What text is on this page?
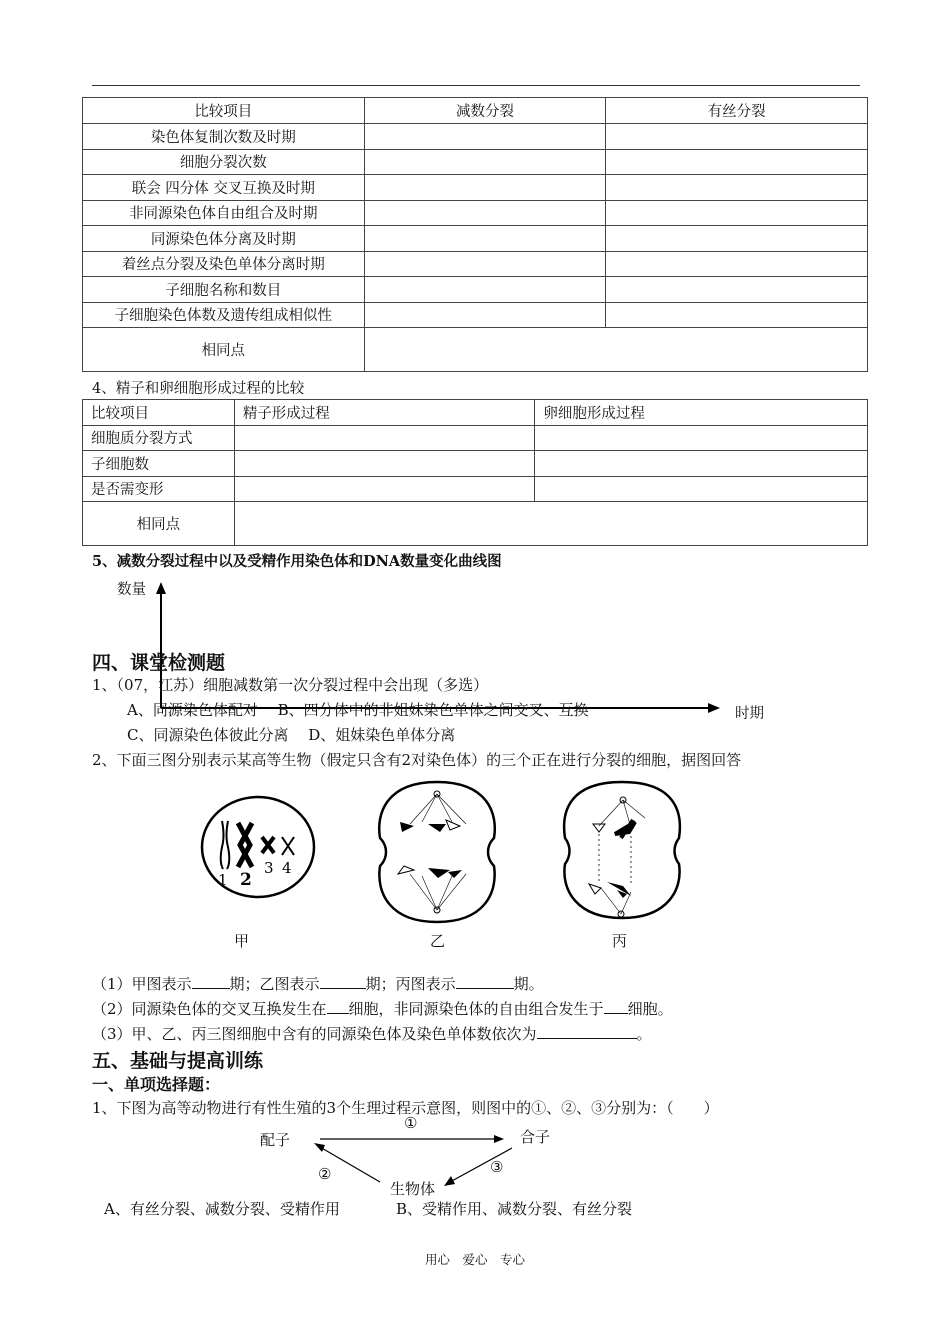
比较项目	减数分裂	有丝分裂
染色体复制次数及时期		
细胞分裂次数		
联会 四分体 交叉互换及时期		
非同源染色体自由组合及时期		
同源染色体分离及时期		
着丝点分裂及染色单体分离时期		
子细胞名称和数目		
子细胞染色体数及遗传组成相似性		
相同点		
4、精子和卵细胞形成过程的比较
比较项目	精子形成过程	卵细胞形成过程
细胞质分裂方式		
子细胞数		
是否需变形		
相同点		
5、减数分裂过程中以及受精作用染色体和DNA数量变化曲线图
数量
时期
四、课堂检测题
1、（07，江苏）细胞减数第一次分裂过程中会出现（多选）
A、同源染色体配对　 B、四分体中的非姐妹染色单体之间交叉、互换
C、同源染色体彼此分离　 D、姐妹染色单体分离
2、下面三图分别表示某高等生物（假定只含有2对染色体）的三个正在进行分裂的细胞，据图回答
1 2
3 4
甲	乙	丙
（1）甲图表示	期；乙图表示	期；丙图表示	期。
（2）同源染色体的交叉互换发生在 细胞，非同源染色体的自由组合发生于 细胞。
（3）甲、乙、丙三图细胞中含有的同源染色体及染色单体数依次为	。
五、基础与提高训练
一、单项选择题：
1、下图为高等动物进行有性生殖的3个生理过程示意图，则图中的①、②、③分别为：（　　）
配子	合子
生物体
①
②	③
A、有丝分裂、减数分裂、受精作用	B、受精作用、减数分裂、有丝分裂
用心　爱心　专心
